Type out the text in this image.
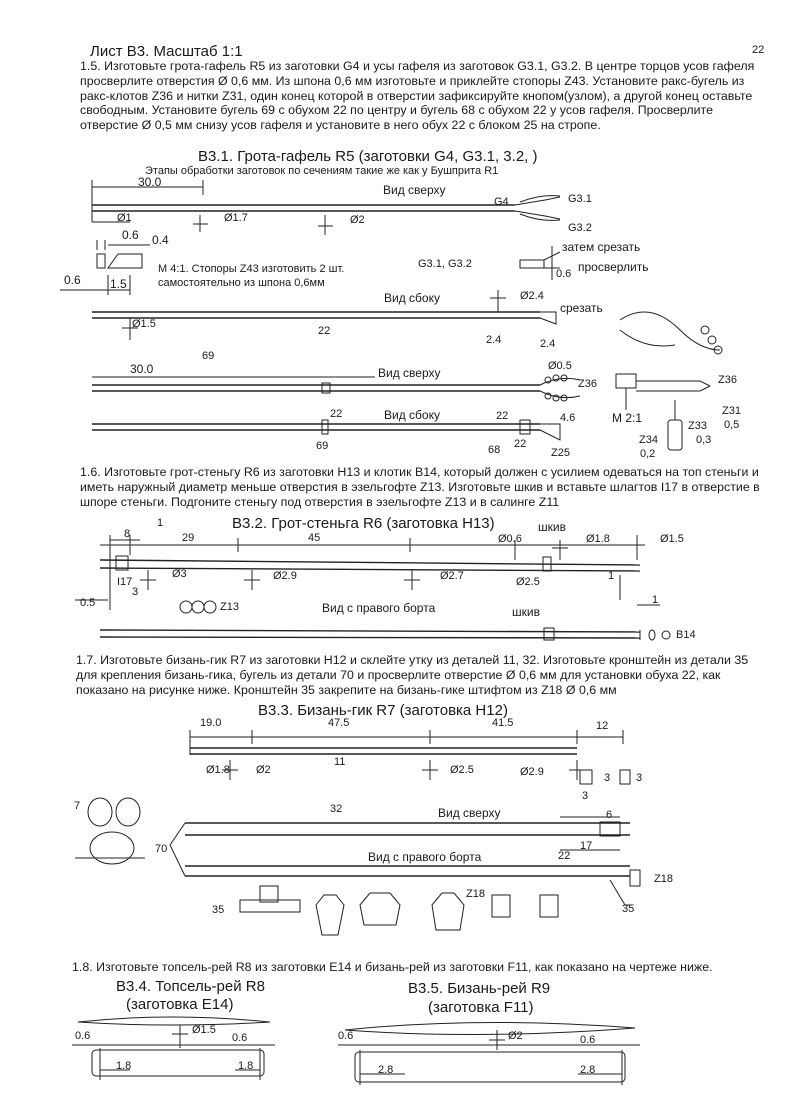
Лист В3. Масштаб 1:1	22
1.5. Изготовьте грота-гафель R5 из заготовки G4 и усы гафеля из заготовок G3.1, G3.2. В центре торцов усов гафеля просверлите отверстия Ø 0,6 мм. Из шпона 0,6 мм изготовьте и приклейте стопоры Z43. Установите ракс-бугель из ракс-клотов Z36 и нитки Z31, один конец которой в отверстии зафиксируйте кнопом(узлом), а другой конец оставьте свободным. Установите бугель 69 с обухом 22 по центру и бугель 68 с обухом 22 у усов гафеля. Просверлите отверстие Ø 0,5 мм снизу усов гафеля и установите в него обух 22 с блоком 25 на стропе.
В3.1. Грота-гафель R5 (заготовки G4, G3.1, 3.2, )
Этапы обработки заготовок по сечениям такие же как у Бушприта R1
30.0
Вид сверху
G4	G3.1
G3.2
Ø1	Ø1.7	Ø2
0.6 0.4
М 4:1. Стопоры Z43 изготовить 2 шт.
самостоятельно из шпона 0,6мм
0.6 1.5
G3.1, G3.2
затем срезать
просверлить
0.6
Вид сбоку	Ø2.4
срезать
Ø1.5
22
2.4	2.4
69
30.0	Ø0.5
Вид сверху
Z36	Z36
Z31
0,5
Z33
0,3
Z34
0,2
М 2:1
Вид сбоку
22
69
22	4.6
68 22
Z25
1.6. Изготовьте грот-стеньгу R6 из заготовки H13 и клотик B14, который должен с усилием одеваться на топ стеньги и иметь наружный диаметр меньше отверстия в эзельгофте Z13. Изготовьте шкив и вставьте шлагтов I17 в отверстие в шпоре стеньги. Подгоните стеньгу под отверстия в эзельгофте Z13 и в салинге Z11
В3.2. Грот-стеньга R6 (заготовка H13)
1
8	29	45
шкив
Ø0.6	Ø1.8	Ø1.5
I17
Ø3	Ø2.9	Ø2.7	Ø2.5
3
0.5
1
1
Z13	Вид с правого борта	шкив
B14
1.7. Изготовьте бизань-гик R7 из заготовки H12 и склейте утку из деталей 11, 32. Изготовьте кронштейн из детали 35 для крепления бизань-гика, бугель из детали 70 и просверлите отверстие Ø 0,6 мм для установки обуха 22, как показано на рисунке ниже. Кронштейн 35 закрепите на бизань-гике штифтом из Z18 Ø 0,6 мм
В3.3. Бизань-гик R7 (заготовка H12)
19.0	47.5	41.5	12
Ø1.8 Ø2	Ø2.5	Ø2.9
11
32
3
3
3
Вид сверху	6
17
Вид с правого борта	22
7
70
35	35
Z18
Z18
1.8. Изготовьте топсель-рей R8 из заготовки E14 и бизань-рей из заготовки F11, как показано на чертеже ниже.
В3.4. Топсель-рей R8
(заготовка E14)
Ø1.5
0.6	0.6
1.8	1.8
В3.5. Бизань-рей R9
(заготовка F11)
Ø2
0.6	0.6
2.8	2.8
